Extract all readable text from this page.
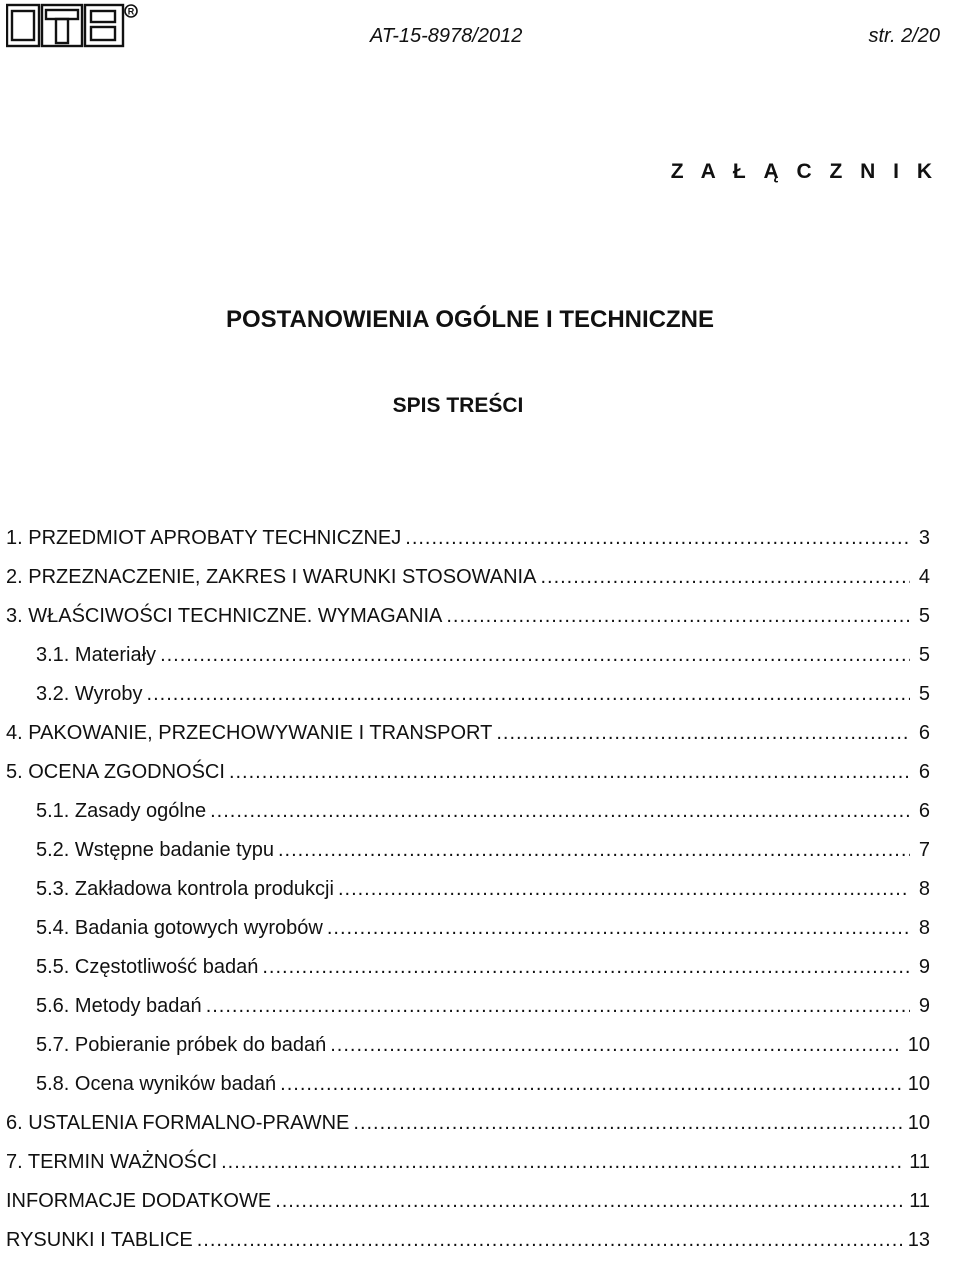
R
AT-15-8978/2012	str. 2/20
Z A Ł Ą C Z N I K
POSTANOWIENIA OGÓLNE I TECHNICZNE
SPIS TREŚCI
1. PRZEDMIOT APROBATY TECHNICZNEJ .....	3
2. PRZEZNACZENIE, ZAKRES I WARUNKI STOSOWANIA .....	4
3. WŁAŚCIWOŚCI TECHNICZNE. WYMAGANIA .....	5
3.1. Materiały .....	5
3.2. Wyroby .....	5
4. PAKOWANIE, PRZECHOWYWANIE I TRANSPORT .....	6
5. OCENA ZGODNOŚCI .....	6
5.1. Zasady ogólne .....	6
5.2. Wstępne badanie typu .....	7
5.3. Zakładowa kontrola produkcji .....	8
5.4. Badania gotowych wyrobów .....	8
5.5. Częstotliwość badań .....	9
5.6. Metody badań .....	9
5.7. Pobieranie próbek do badań .....	10
5.8. Ocena wyników badań .....	10
6. USTALENIA FORMALNO-PRAWNE .....	10
7. TERMIN WAŻNOŚCI .....	11
INFORMACJE DODATKOWE .....	11
RYSUNKI I TABLICE .....	13
